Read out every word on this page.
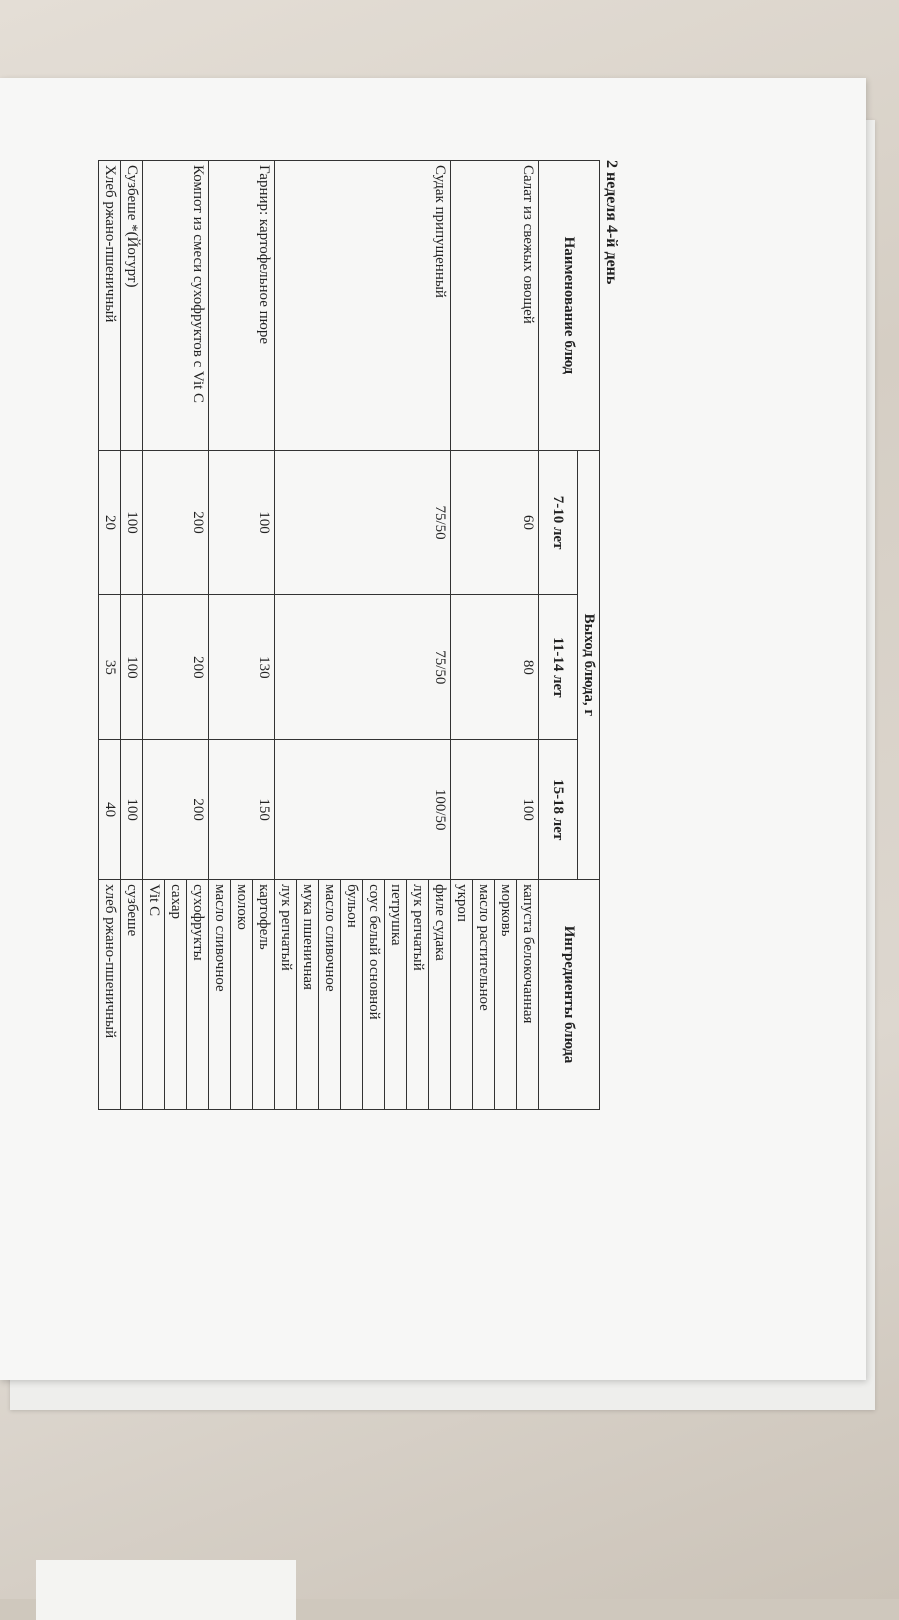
2 неделя 4-й день
Наименование блюд	Выход блюда, г			Ингредиенты блюда
	7-10 лет	11-14 лет	15-18 лет	
Салат из свежых овощей	60	80	100	капуста белокочанная
				морковь
				масло растительное
				укроп
Судак припущенный	75/50	75/50	100/50	филе судака
				лук репчатый
				петрушка
				соус белый основной
				бульон
				масло сливочное
				мука пшеничная
				лук репчатый
Гарнир: картофельное пюре	100	130	150	картофель
				молоко
				масло сливочное
Компот из смеси сухофруктов с Vit C	200	200	200	сухофрукты
				сахар
				Vit C
Сузбеше *(Йогурт)	100	100	100	сузбеше
Хлеб ржано-пшеничный	20	35	40	хлеб ржано-пшеничный
